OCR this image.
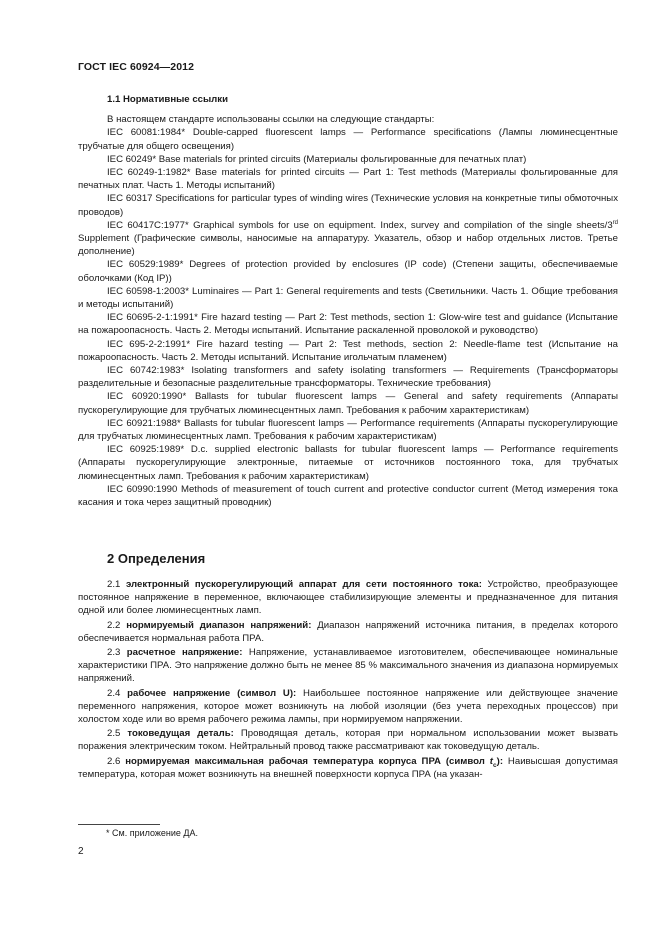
ГОСТ IEC 60924—2012

1.1 Нормативные ссылки

В настоящем стандарте использованы ссылки на следующие стандарты:

IEC 60081:1984* Double-capped fluorescent lamps — Performance specifications (Лампы люминесцентные трубчатые для общего освещения)

IEC 60249* Base materials for printed circuits (Материалы фольгированные для печатных плат)

IEC 60249-1:1982* Base materials for printed circuits — Part 1: Test methods (Материалы фольгированные для печатных плат. Часть 1. Методы испытаний)

IEC 60317 Specifications for particular types of winding wires (Технические условия на конкретные типы обмоточных проводов)

IEC 60417C:1977* Graphical symbols for use on equipment. Index, survey and compilation of the single sheets/3rd Supplement (Графические символы, наносимые на аппаратуру. Указатель, обзор и набор отдельных листов. Третье дополнение)

IEC 60529:1989* Degrees of protection provided by enclosures (IP code) (Степени защиты, обеспечиваемые оболочками (Код IP))

IEC 60598-1:2003* Luminaires — Part 1: General requirements and tests (Светильники. Часть 1. Общие требования и методы испытаний)

IEC 60695-2-1:1991* Fire hazard testing — Part 2: Test methods, section 1: Glow-wire test and guidance (Испытание на пожароопасность. Часть 2. Методы испытаний. Испытание раскаленной проволокой и руководство)

IEC 695-2-2:1991* Fire hazard testing — Part 2: Test methods, section 2: Needle-flame test (Испытание на пожароопасность. Часть 2. Методы испытаний. Испытание игольчатым пламенем)

IEC 60742:1983* Isolating transformers and safety isolating transformers — Requirements (Трансформаторы разделительные и безопасные разделительные трансформаторы. Технические требования)

IEC 60920:1990* Ballasts for tubular fluorescent lamps — General and safety requirements (Аппараты пускорегулирующие для трубчатых люминесцентных ламп. Требования к рабочим характеристикам)

IEC 60921:1988* Ballasts for tubular fluorescent lamps — Performance requirements (Аппараты пускорегулирующие для трубчатых люминесцентных ламп. Требования к рабочим характеристикам)

IEC 60925:1989* D.c. supplied electronic ballasts for tubular fluorescent lamps — Performance requirements (Аппараты пускорегулирующие электронные, питаемые от источников постоянного тока, для трубчатых люминесцентных ламп. Требования к рабочим характеристикам)

IEC 60990:1990 Methods of measurement of touch current and protective conductor current (Метод измерения тока касания и тока через защитный проводник)

2 Определения

2.1 электронный пускорегулирующий аппарат для сети постоянного тока: Устройство, преобразующее постоянное напряжение в переменное, включающее стабилизирующие элементы и предназначенное для питания одной или более люминесцентных ламп.

2.2 нормируемый диапазон напряжений: Диапазон напряжений источника питания, в пределах которого обеспечивается нормальная работа ПРА.

2.3 расчетное напряжение: Напряжение, устанавливаемое изготовителем, обеспечивающее номинальные характеристики ПРА. Это напряжение должно быть не менее 85 % максимального значения из диапазона нормируемых напряжений.

2.4 рабочее напряжение (символ U): Наибольшее постоянное напряжение или действующее значение переменного напряжения, которое может возникнуть на любой изоляции (без учета переходных процессов) при холостом ходе или во время рабочего режима лампы, при нормируемом напряжении.

2.5 токоведущая деталь: Проводящая деталь, которая при нормальном использовании может вызвать поражения электрическим током. Нейтральный провод также рассматривают как токоведущую деталь.

2.6 нормируемая максимальная рабочая температура корпуса ПРА (символ $t_c$): Наивысшая допустимая температура, которая может возникнуть на внешней поверхности корпуса ПРА (на указан-

* См. приложение ДА.
2
